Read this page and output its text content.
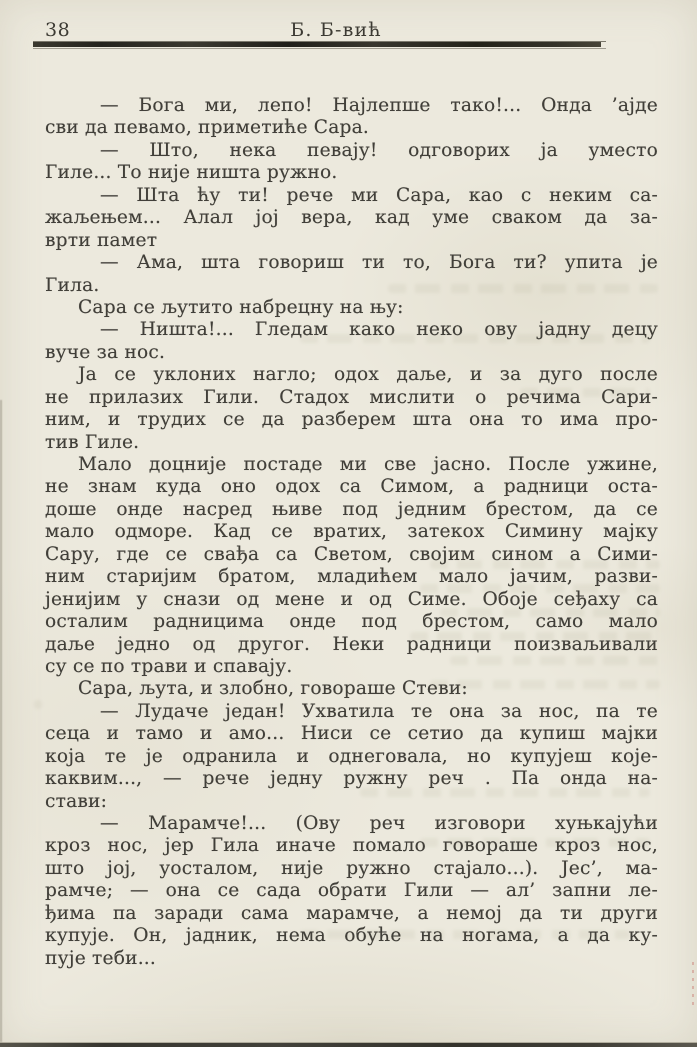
38	Б. Б-вић
— Бога ми, лепо! Најлепше тако!... Онда ’ајде
сви да певамо, приметиће Сара.
— Што, нека певају! одговорих ја уместо
Гиле... То није ништа ружно.
— Шта ћу ти! рече ми Сара, као с неким са-
жаљењем... Алал јој вера, кад уме сваком да за-
врти памет
— Ама, шта говориш ти то, Бога ти? упита је
Гила.
Сара се љутито набрецну на њу:
— Ништа!... Гледам како неко ову јадну децу
вуче за нос.
Ја се уклоних нагло; одох даље, и за дуго после
не прилазих Гили. Стадох мислити о речима Сари-
ним, и трудих се да разберем шта она то има про-
тив Гиле.
Мало доцније постаде ми све јасно. После ужине,
не знам куда оно одох са Симом, а радници оста-
доше онде насред њиве под једним брестом, да се
мало одморе. Кад се вратих, затекох Симину мајку
Сару, где се свађа са Светом, својим сином а Сими-
ним старијим братом, младићем мало јачим, разви-
јенијим у снази од мене и од Симе. Обоје сеђаху са
осталим радницима онде под брестом, само мало
даље једно од другог. Неки радници поизваљивали
су се по трави и спавају.
Сара, љута, и злобно, говораше Стеви:
— Лудаче један! Ухватила те она за нос, па те
сеца и тамо и амо... Ниси се сетио да купиш мајки
која те је одранила и однеговала, но купујеш које-
каквим..., — рече једну ружну реч . Па онда на-
стави:
— Марамче!... (Ову реч изговори хуњкајући
кроз нос, јер Гила иначе помало говораше кроз нос,
што јој, уосталом, није ружно стајало...). Јес’, ма-
рамче; — она се сада обрати Гили — ал’ запни ле-
ђима па заради сама марамче, а немој да ти други
купује. Он, јадник, нема обуће на ногама, а да ку-
пује теби...
